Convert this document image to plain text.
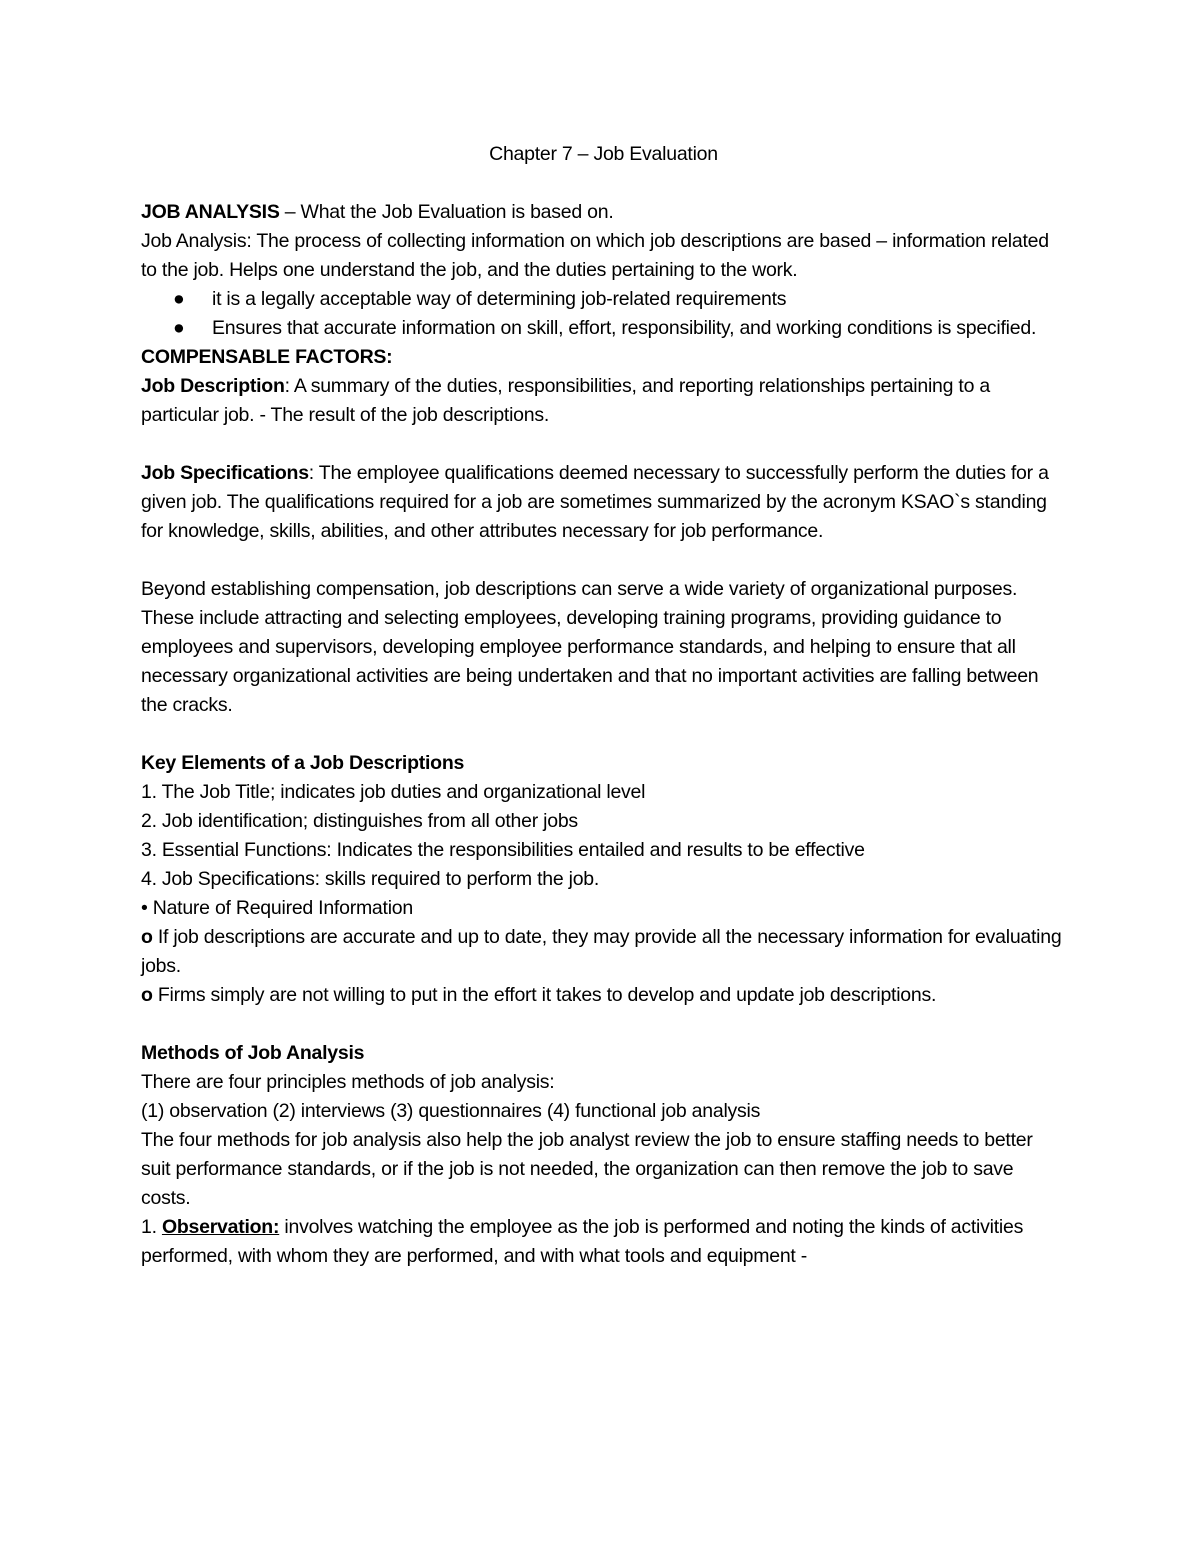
Chapter 7 – Job Evaluation

JOB ANALYSIS – What the Job Evaluation is based on.

Job Analysis: The process of collecting information on which job descriptions are based – information related to the job. Helps one understand the job, and the duties pertaining to the work.

● it is a legally acceptable way of determining job-related requirements
● Ensures that accurate information on skill, effort, responsibility, and working conditions is specified.

COMPENSABLE FACTORS:

Job Description: A summary of the duties, responsibilities, and reporting relationships pertaining to a particular job. - The result of the job descriptions.

Job Specifications: The employee qualifications deemed necessary to successfully perform the duties for a given job. The qualifications required for a job are sometimes summarized by the acronym KSAO`s standing for knowledge, skills, abilities, and other attributes necessary for job performance.

Beyond establishing compensation, job descriptions can serve a wide variety of organizational purposes. These include attracting and selecting employees, developing training programs, providing guidance to employees and supervisors, developing employee performance standards, and helping to ensure that all necessary organizational activities are being undertaken and that no important activities are falling between the cracks.

Key Elements of a Job Descriptions

1. The Job Title; indicates job duties and organizational level

2. Job identification; distinguishes from all other jobs

3. Essential Functions: Indicates the responsibilities entailed and results to be effective

4. Job Specifications: skills required to perform the job.

• Nature of Required Information

o If job descriptions are accurate and up to date, they may provide all the necessary information for evaluating jobs.

o Firms simply are not willing to put in the effort it takes to develop and update job descriptions.

Methods of Job Analysis

There are four principles methods of job analysis:

(1) observation (2) interviews (3) questionnaires (4) functional job analysis

The four methods for job analysis also help the job analyst review the job to ensure staffing needs to better suit performance standards, or if the job is not needed, the organization can then remove the job to save costs.

1. Observation: involves watching the employee as the job is performed and noting the kinds of activities performed, with whom they are performed, and with what tools and equipment -
